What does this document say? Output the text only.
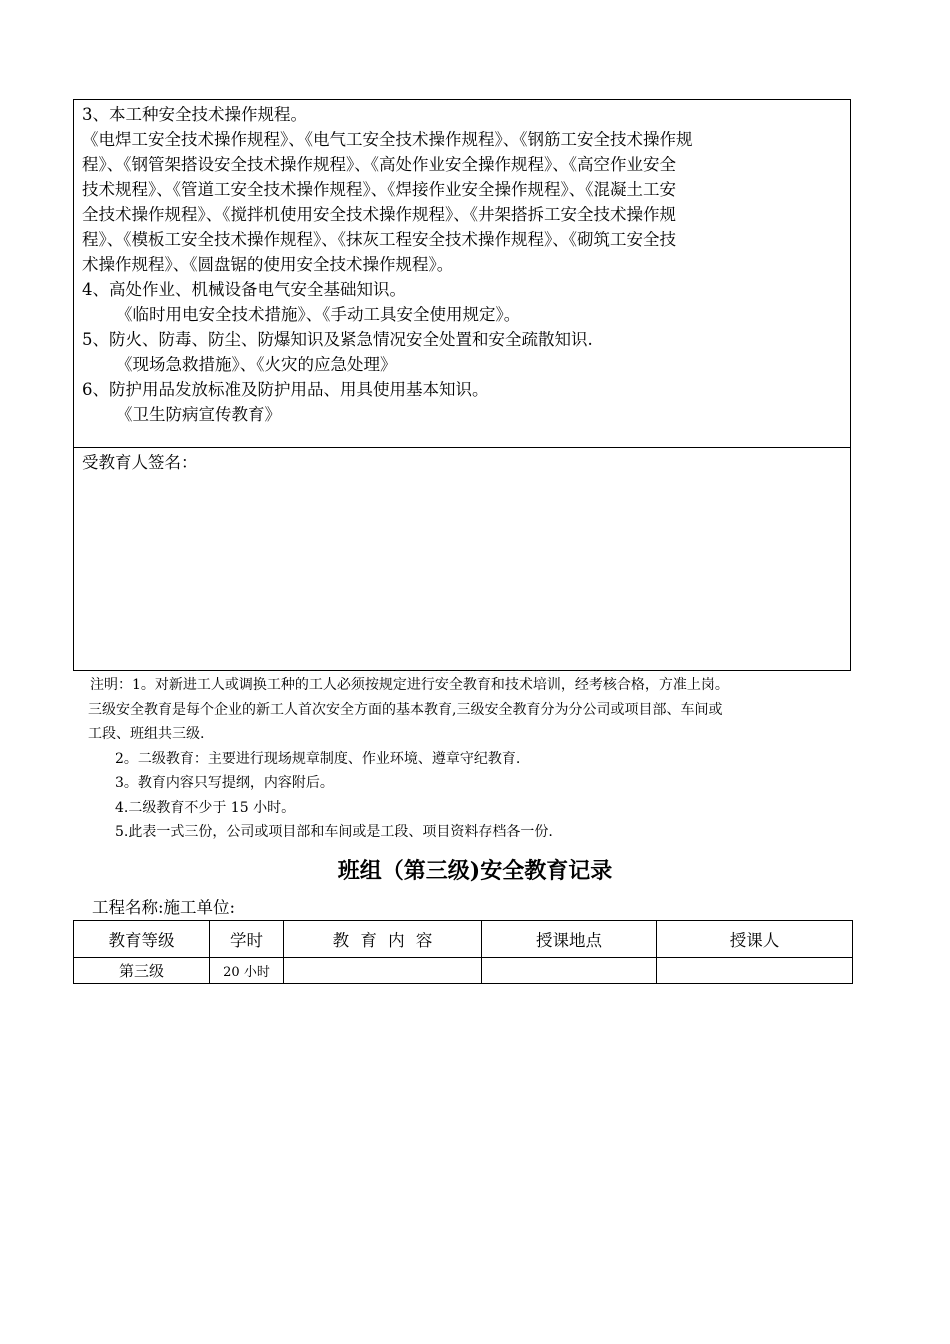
3、本工种安全技术操作规程。
《电焊工安全技术操作规程》、《电气工安全技术操作规程》、《钢筋工安全技术操作规
程》、《钢管架搭设安全技术操作规程》、《高处作业安全操作规程》、《高空作业安全
技术规程》、《管道工安全技术操作规程》、《焊接作业安全操作规程》、《混凝土工安
全技术操作规程》、《搅拌机使用安全技术操作规程》、《井架搭拆工安全技术操作规
程》、《模板工安全技术操作规程》、《抹灰工程安全技术操作规程》、《砌筑工安全技
术操作规程》、《圆盘锯的使用安全技术操作规程》。
4、高处作业、机械设备电气安全基础知识。
《临时用电安全技术措施》、《手动工具安全使用规定》。
5、防火、防毒、防尘、防爆知识及紧急情况安全处置和安全疏散知识.
《现场急救措施》、《火灾的应急处理》
6、防护用品发放标准及防护用品、用具使用基本知识。
《卫生防病宣传教育》
受教育人签名：
注明：1。对新进工人或调换工种的工人必须按规定进行安全教育和技术培训，经考核合格，方准上岗。
三级安全教育是每个企业的新工人首次安全方面的基本教育,三级安全教育分为分公司或项目部、车间或
工段、班组共三级.
2。二级教育：主要进行现场规章制度、作业环境、遵章守纪教育.
3。教育内容只写提纲，内容附后。
4.二级教育不少于 15 小时。
5.此表一式三份，公司或项目部和车间或是工段、项目资料存档各一份.
班组（第三级)安全教育记录
工程名称:施工单位:
教育等级	学时	教 育 内 容	授课地点	授课人
第三级	20 小时			
